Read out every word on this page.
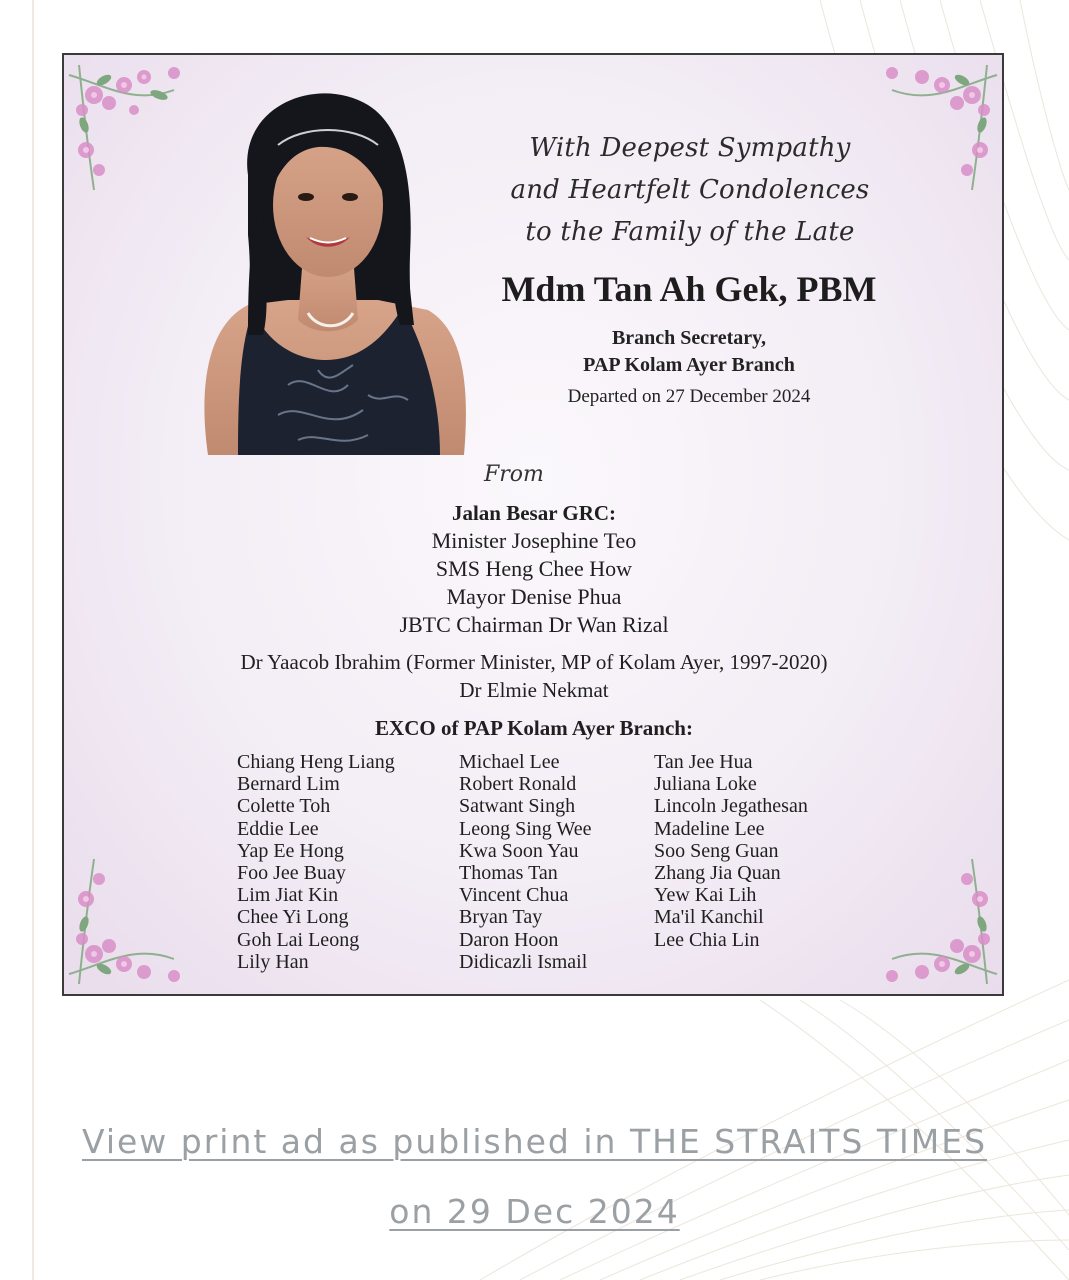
With Deepest Sympathy
and Heartfelt Condolences
to the Family of the Late
Mdm Tan Ah Gek, PBM
Branch Secretary,
PAP Kolam Ayer Branch
Departed on 27 December 2024
From
Jalan Besar GRC:
Minister Josephine Teo
SMS Heng Chee How
Mayor Denise Phua
JBTC Chairman Dr Wan Rizal
Dr Yaacob Ibrahim (Former Minister, MP of Kolam Ayer, 1997-2020)
Dr Elmie Nekmat
EXCO of PAP Kolam Ayer Branch:
Chiang Heng Liang
Bernard Lim
Colette Toh
Eddie Lee
Yap Ee Hong
Foo Jee Buay
Lim Jiat Kin
Chee Yi Long
Goh Lai Leong
Lily Han
Michael Lee
Robert Ronald
Satwant Singh
Leong Sing Wee
Kwa Soon Yau
Thomas Tan
Vincent Chua
Bryan Tay
Daron Hoon
Didicazli Ismail
Tan Jee Hua
Juliana Loke
Lincoln Jegathesan
Madeline Lee
Soo Seng Guan
Zhang Jia Quan
Yew Kai Lih
Ma'il Kanchil
Lee Chia Lin
View print ad as published in THE STRAITS TIMES
on 29 Dec 2024
